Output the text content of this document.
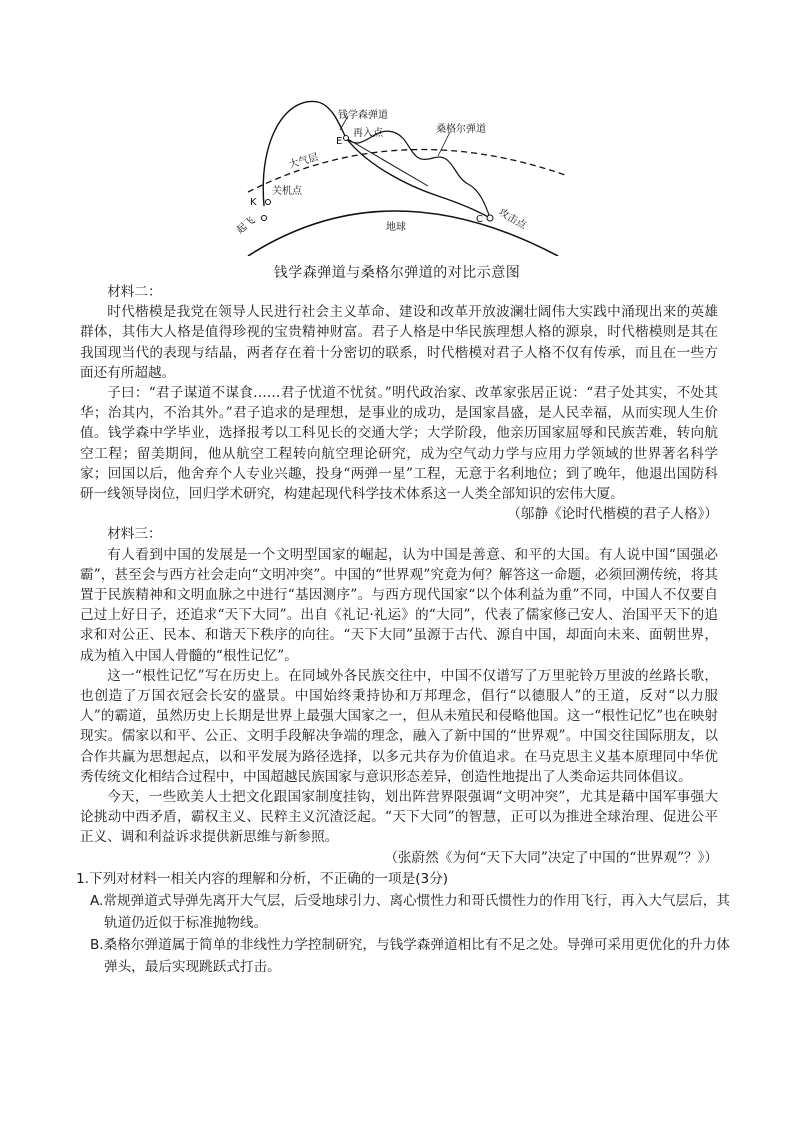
钱学森弹道
桑格尔弹道
再入点
E
大气层
关机点
K
起飞	地球
C 攻击点
钱学森弹道与桑格尔弹道的对比示意图

材料二：

时代楷模是我党在领导人民进行社会主义革命、建设和改革开放波澜壮阔伟大实践中涌现出来的英雄群体，其伟大人格是值得珍视的宝贵精神财富。君子人格是中华民族理想人格的源泉，时代楷模则是其在我国现当代的表现与结晶，两者存在着十分密切的联系，时代楷模对君子人格不仅有传承，而且在一些方面还有所超越。

子曰：“君子谋道不谋食……君子忧道不忧贫。”明代政治家、改革家张居正说：“君子处其实，不处其华；治其内，不治其外。”君子追求的是理想，是事业的成功，是国家昌盛，是人民幸福，从而实现人生价值。钱学森中学毕业，选择报考以工科见长的交通大学；大学阶段，他亲历国家屈辱和民族苦难，转向航空工程；留美期间，他从航空工程转向航空理论研究，成为空气动力学与应用力学领域的世界著名科学家；回国以后，他舍弃个人专业兴趣，投身“两弹一星”工程，无意于名利地位；到了晚年，他退出国防科研一线领导岗位，回归学术研究，构建起现代科学技术体系这一人类全部知识的宏伟大厦。

（邬静《论时代楷模的君子人格》）

材料三：

有人看到中国的发展是一个文明型国家的崛起，认为中国是善意、和平的大国。有人说中国“国强必霸”，甚至会与西方社会走向“文明冲突”。中国的“世界观”究竟为何？解答这一命题，必须回溯传统，将其置于民族精神和文明血脉之中进行“基因测序”。与西方现代国家“以个体利益为重”不同，中国人不仅要自己过上好日子，还追求“天下大同”。出自《礼记·礼运》的“大同”，代表了儒家修己安人、治国平天下的追求和对公正、民本、和谐天下秩序的向往。“天下大同”虽源于古代、源自中国，却面向未来、面朝世界，成为植入中国人骨髓的“根性记忆”。

这一“根性记忆”写在历史上。在同域外各民族交往中，中国不仅谱写了万里驼铃万里波的丝路长歌，也创造了万国衣冠会长安的盛景。中国始终秉持协和万邦理念，倡行“以德服人”的王道，反对“以力服人”的霸道，虽然历史上长期是世界上最强大国家之一，但从未殖民和侵略他国。这一“根性记忆”也在映射现实。儒家以和平、公正、文明手段解决争端的理念，融入了新中国的“世界观”。中国交往国际朋友，以合作共赢为思想起点，以和平发展为路径选择，以多元共存为价值追求。在马克思主义基本原理同中华优秀传统文化相结合过程中，中国超越民族国家与意识形态差异，创造性地提出了人类命运共同体倡议。

今天，一些欧美人士把文化跟国家制度挂钩，划出阵营界限强调“文明冲突”，尤其是藉中国军事强大论挑动中西矛盾，霸权主义、民粹主义沉渣泛起。“天下大同”的智慧，正可以为推进全球治理、促进公平正义、调和利益诉求提供新思维与新参照。

（张蔚然《为何“天下大同”决定了中国的“世界观”？》）

1.下列对材料一相关内容的理解和分析，不正确的一项是(3分)

A.常规弹道式导弹先离开大气层，后受地球引力、离心惯性力和哥氏惯性力的作用飞行，再入大气层后，其轨道仍近似于标准抛物线。

B.桑格尔弹道属于简单的非线性力学控制研究，与钱学森弹道相比有不足之处。导弹可采用更优化的升力体弹头，最后实现跳跃式打击。
